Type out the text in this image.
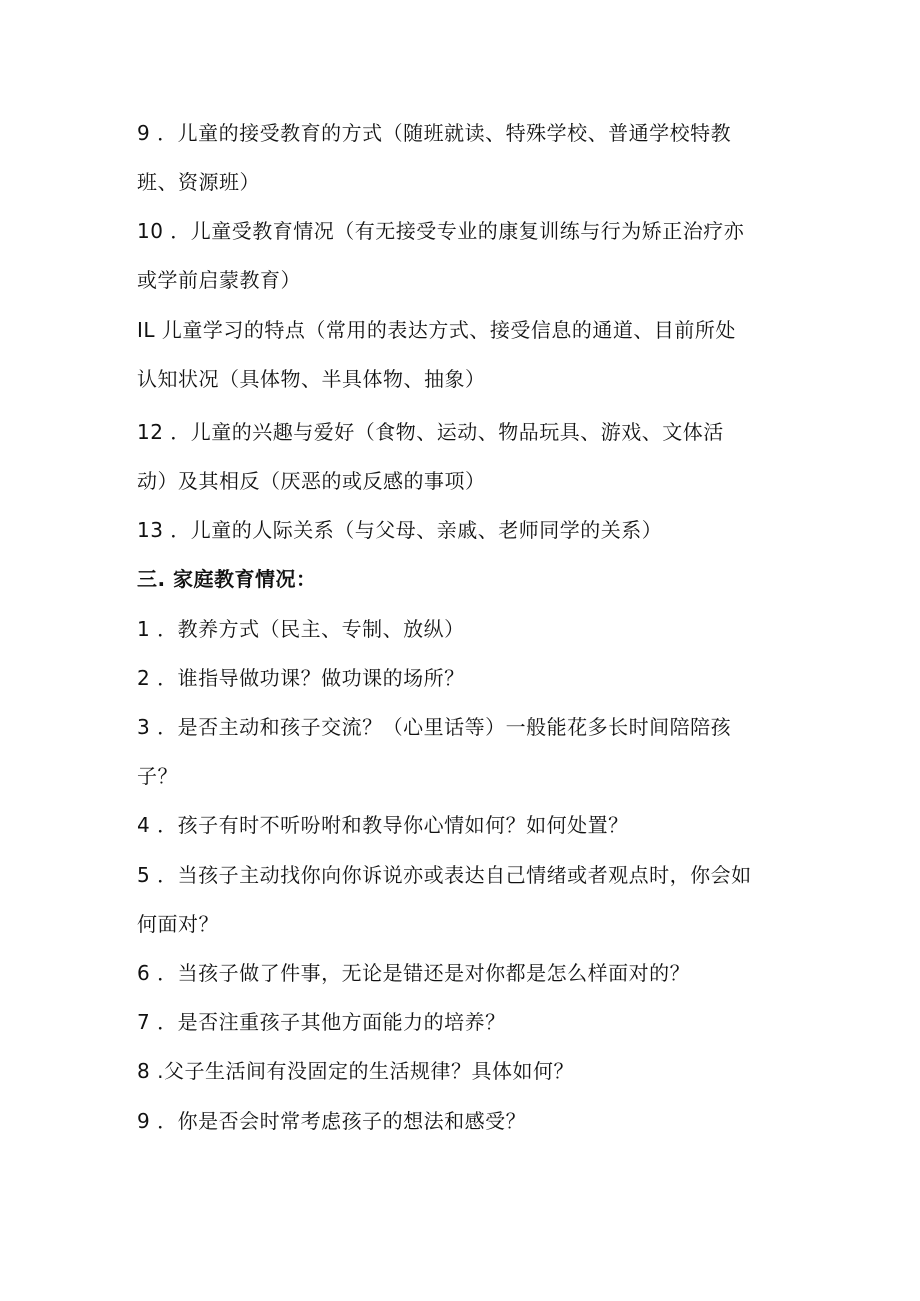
9 ．儿童的接受教育的方式（随班就读、特殊学校、普通学校特教
班、资源班）
10 ．儿童受教育情况（有无接受专业的康复训练与行为矫正治疗亦
或学前启蒙教育）
IL 儿童学习的特点（常用的表达方式、接受信息的通道、目前所处
认知状况（具体物、半具体物、抽象）
12 ．儿童的兴趣与爱好（食物、运动、物品玩具、游戏、文体活
动）及其相反（厌恶的或反感的事项）
13 ．儿童的人际关系（与父母、亲戚、老师同学的关系）
三. 家庭教育情况：
1 ．教养方式（民主、专制、放纵）
2 ．谁指导做功课？做功课的场所？
3 ．是否主动和孩子交流？（心里话等）一般能花多长时间陪陪孩
子？
4 ．孩子有时不听吩咐和教导你心情如何？如何处置？
5 ．当孩子主动找你向你诉说亦或表达自己情绪或者观点时，你会如
何面对？
6 ．当孩子做了件事，无论是错还是对你都是怎么样面对的？
7 ．是否注重孩子其他方面能力的培养？
8 .父子生活间有没固定的生活规律？具体如何？
9 ．你是否会时常考虑孩子的想法和感受？
